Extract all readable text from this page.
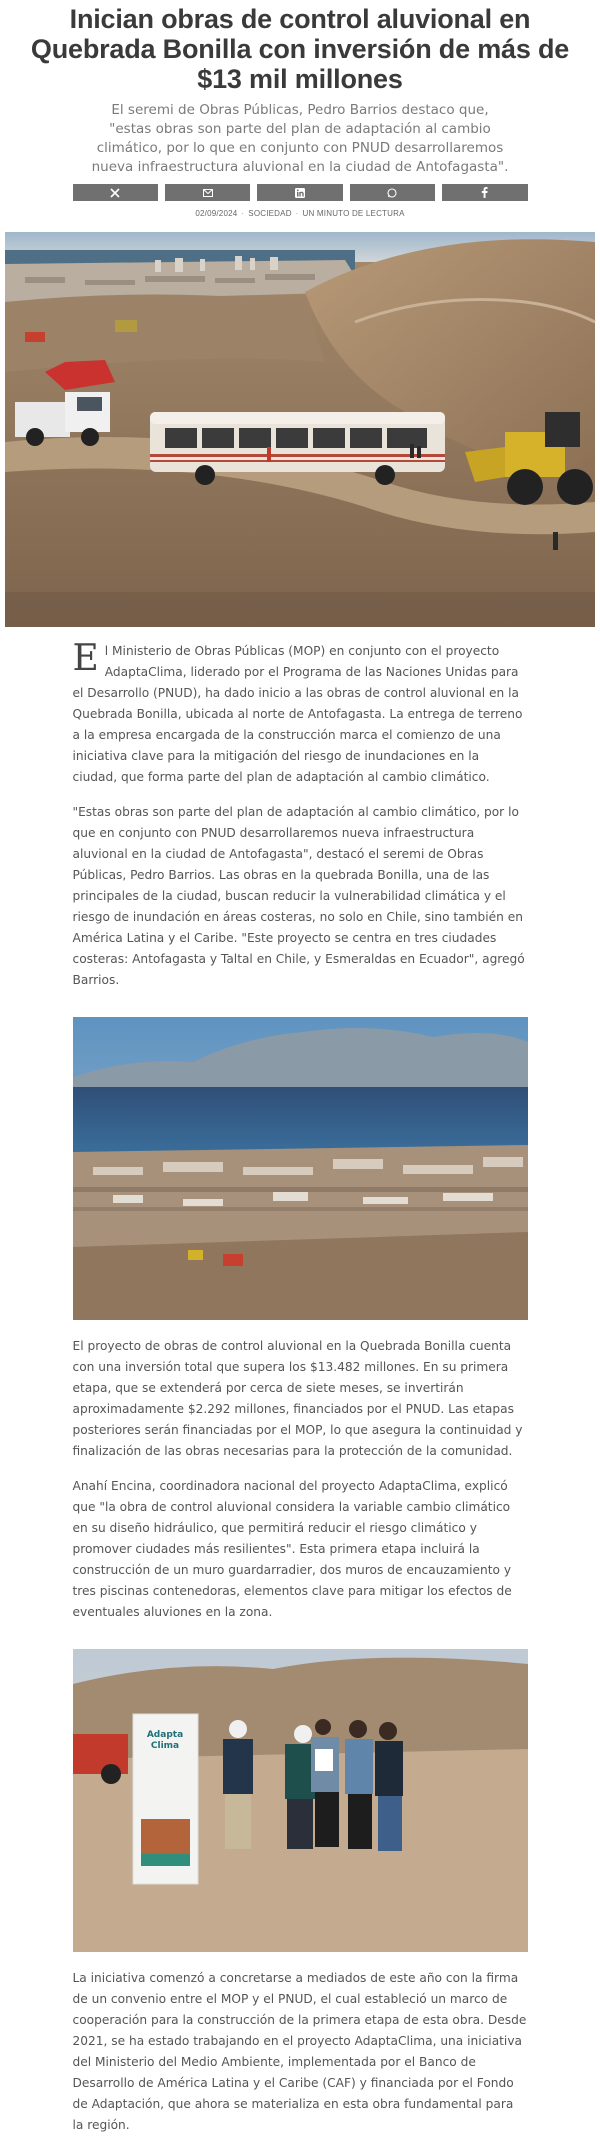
Inician obras de control aluvional en Quebrada Bonilla con inversión de más de $13 mil millones

El seremi de Obras Públicas, Pedro Barrios destaco que, "estas obras son parte del plan de adaptación al cambio climático, por lo que en conjunto con PNUD desarrollaremos nueva infraestructura aluvional en la ciudad de Antofagasta".

02/09/2024 · SOCIEDAD · UN MINUTO DE LECTURA

El Ministerio de Obras Públicas (MOP) en conjunto con el proyecto AdaptaClima, liderado por el Programa de las Naciones Unidas para el Desarrollo (PNUD), ha dado inicio a las obras de control aluvional en la Quebrada Bonilla, ubicada al norte de Antofagasta. La entrega de terreno a la empresa encargada de la construcción marca el comienzo de una iniciativa clave para la mitigación del riesgo de inundaciones en la ciudad, que forma parte del plan de adaptación al cambio climático.

"Estas obras son parte del plan de adaptación al cambio climático, por lo que en conjunto con PNUD desarrollaremos nueva infraestructura aluvional en la ciudad de Antofagasta", destacó el seremi de Obras Públicas, Pedro Barrios. Las obras en la quebrada Bonilla, una de las principales de la ciudad, buscan reducir la vulnerabilidad climática y el riesgo de inundación en áreas costeras, no solo en Chile, sino también en América Latina y el Caribe. "Este proyecto se centra en tres ciudades costeras: Antofagasta y Taltal en Chile, y Esmeraldas en Ecuador", agregó Barrios.

El proyecto de obras de control aluvional en la Quebrada Bonilla cuenta con una inversión total que supera los $13.482 millones. En su primera etapa, que se extenderá por cerca de siete meses, se invertirán aproximadamente $2.292 millones, financiados por el PNUD. Las etapas posteriores serán financiadas por el MOP, lo que asegura la continuidad y finalización de las obras necesarias para la protección de la comunidad.

Anahí Encina, coordinadora nacional del proyecto AdaptaClima, explicó que "la obra de control aluvional considera la variable cambio climático en su diseño hidráulico, que permitirá reducir el riesgo climático y promover ciudades más resilientes". Esta primera etapa incluirá la construcción de un muro guardarradier, dos muros de encauzamiento y tres piscinas contenedoras, elementos clave para mitigar los efectos de eventuales aluviones en la zona.

Adapta
Clima

La iniciativa comenzó a concretarse a mediados de este año con la firma de un convenio entre el MOP y el PNUD, el cual estableció un marco de cooperación para la construcción de la primera etapa de esta obra. Desde 2021, se ha estado trabajando en el proyecto AdaptaClima, una iniciativa del Ministerio del Medio Ambiente, implementada por el Banco de Desarrollo de América Latina y el Caribe (CAF) y financiada por el Fondo de Adaptación, que ahora se materializa en esta obra fundamental para la región.
